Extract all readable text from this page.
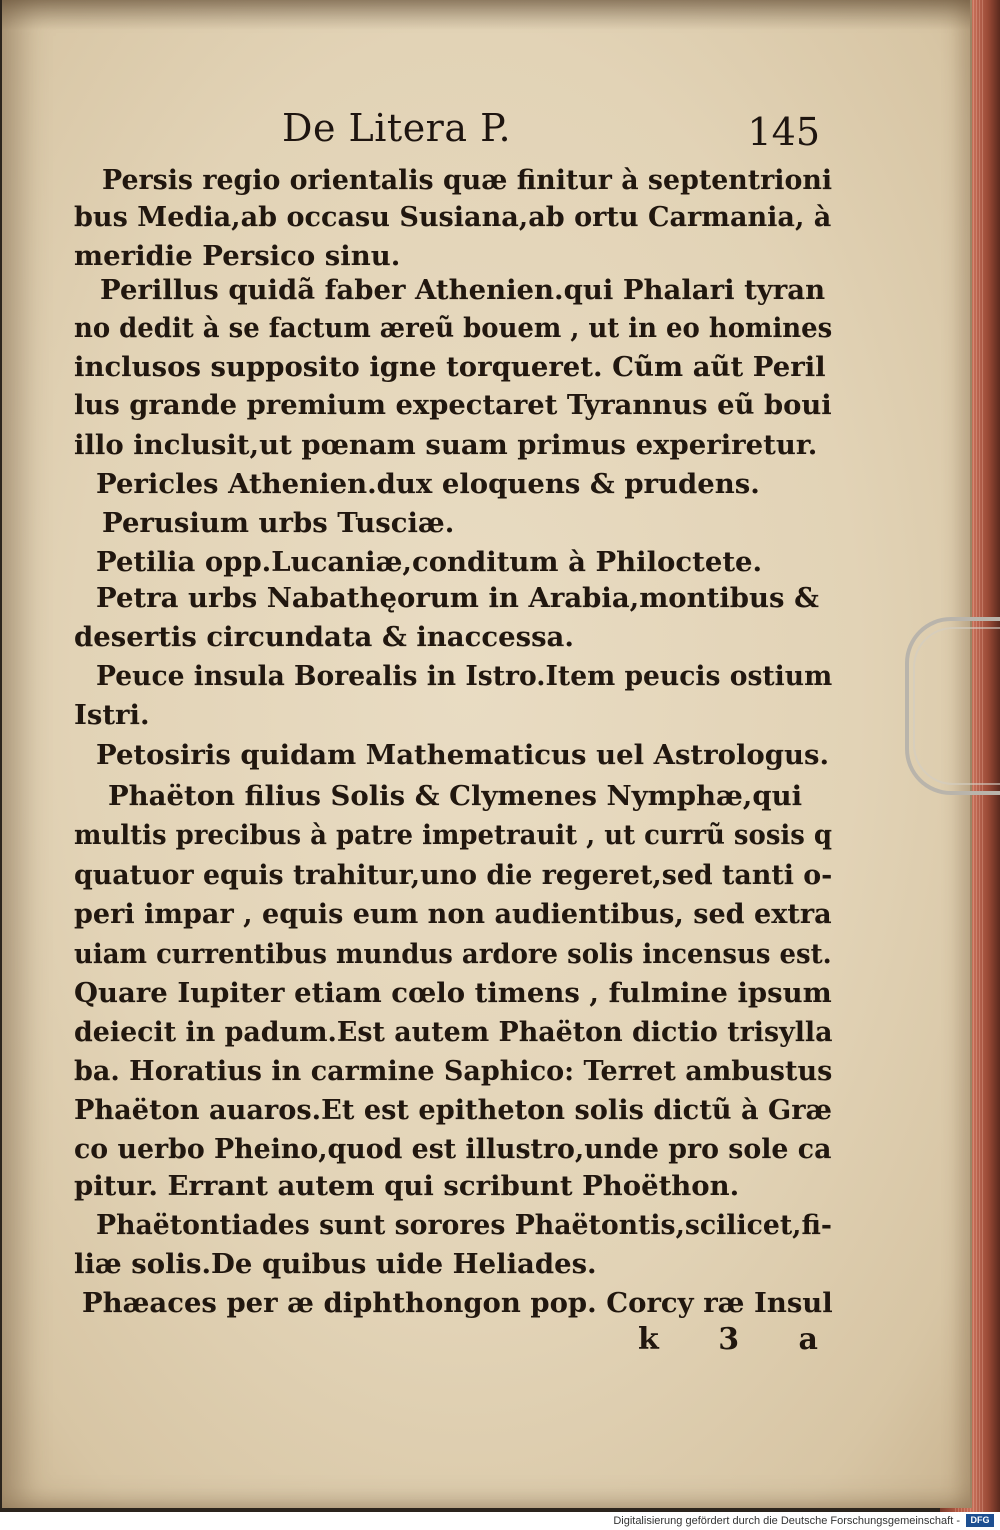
De Litera P.	145
Persis regio orientalis quæ finitur à septentrioni
bus Media,ab occasu Susiana,ab ortu Carmania, à
meridie Persico sinu.
Perillus quidã faber Athenien.qui Phalari tyran
no dedit à se factum æreũ bouem , ut in eo homines
inclusos supposito igne torqueret. Cũm aũt Peril
lus grande premium expectaret Tyrannus eũ boui
illo inclusit,ut pœnam suam primus experiretur.
Pericles Athenien.dux eloquens & prudens.
Perusium urbs Tusciæ.
Petilia opp.Lucaniæ,conditum à Philoctete.
Petra urbs Nabathęorum in Arabia,montibus &
desertis circundata & inaccessa.
Peuce insula Borealis in Istro.Item peucis ostium
Istri.
Petosiris quidam Mathematicus uel Astrologus.
Phaëton filius Solis & Clymenes Nymphæ,qui
multis precibus à patre impetrauit , ut currũ sosis q
quatuor equis trahitur,uno die regeret,sed tanti o-
peri impar , equis eum non audientibus, sed extra
uiam currentibus mundus ardore solis incensus est.
Quare Iupiter etiam cœlo timens , fulmine ipsum
deiecit in padum.Est autem Phaëton dictio trisylla
ba. Horatius in carmine Saphico: Terret ambustus
Phaëton auaros.Et est epitheton solis dictũ à Græ
co uerbo Pheino,quod est illustro,unde pro sole ca
pitur. Errant autem qui scribunt Phoëthon.
Phaëtontiades sunt sorores Phaëtontis,scilicet,fi-
liæ solis.De quibus uide Heliades.
Phæaces per æ diphthongon pop. Corcy ræ Insul
k 3 a
Digitalisierung gefördert durch die Deutsche Forschungsgemeinschaft -	DFG
